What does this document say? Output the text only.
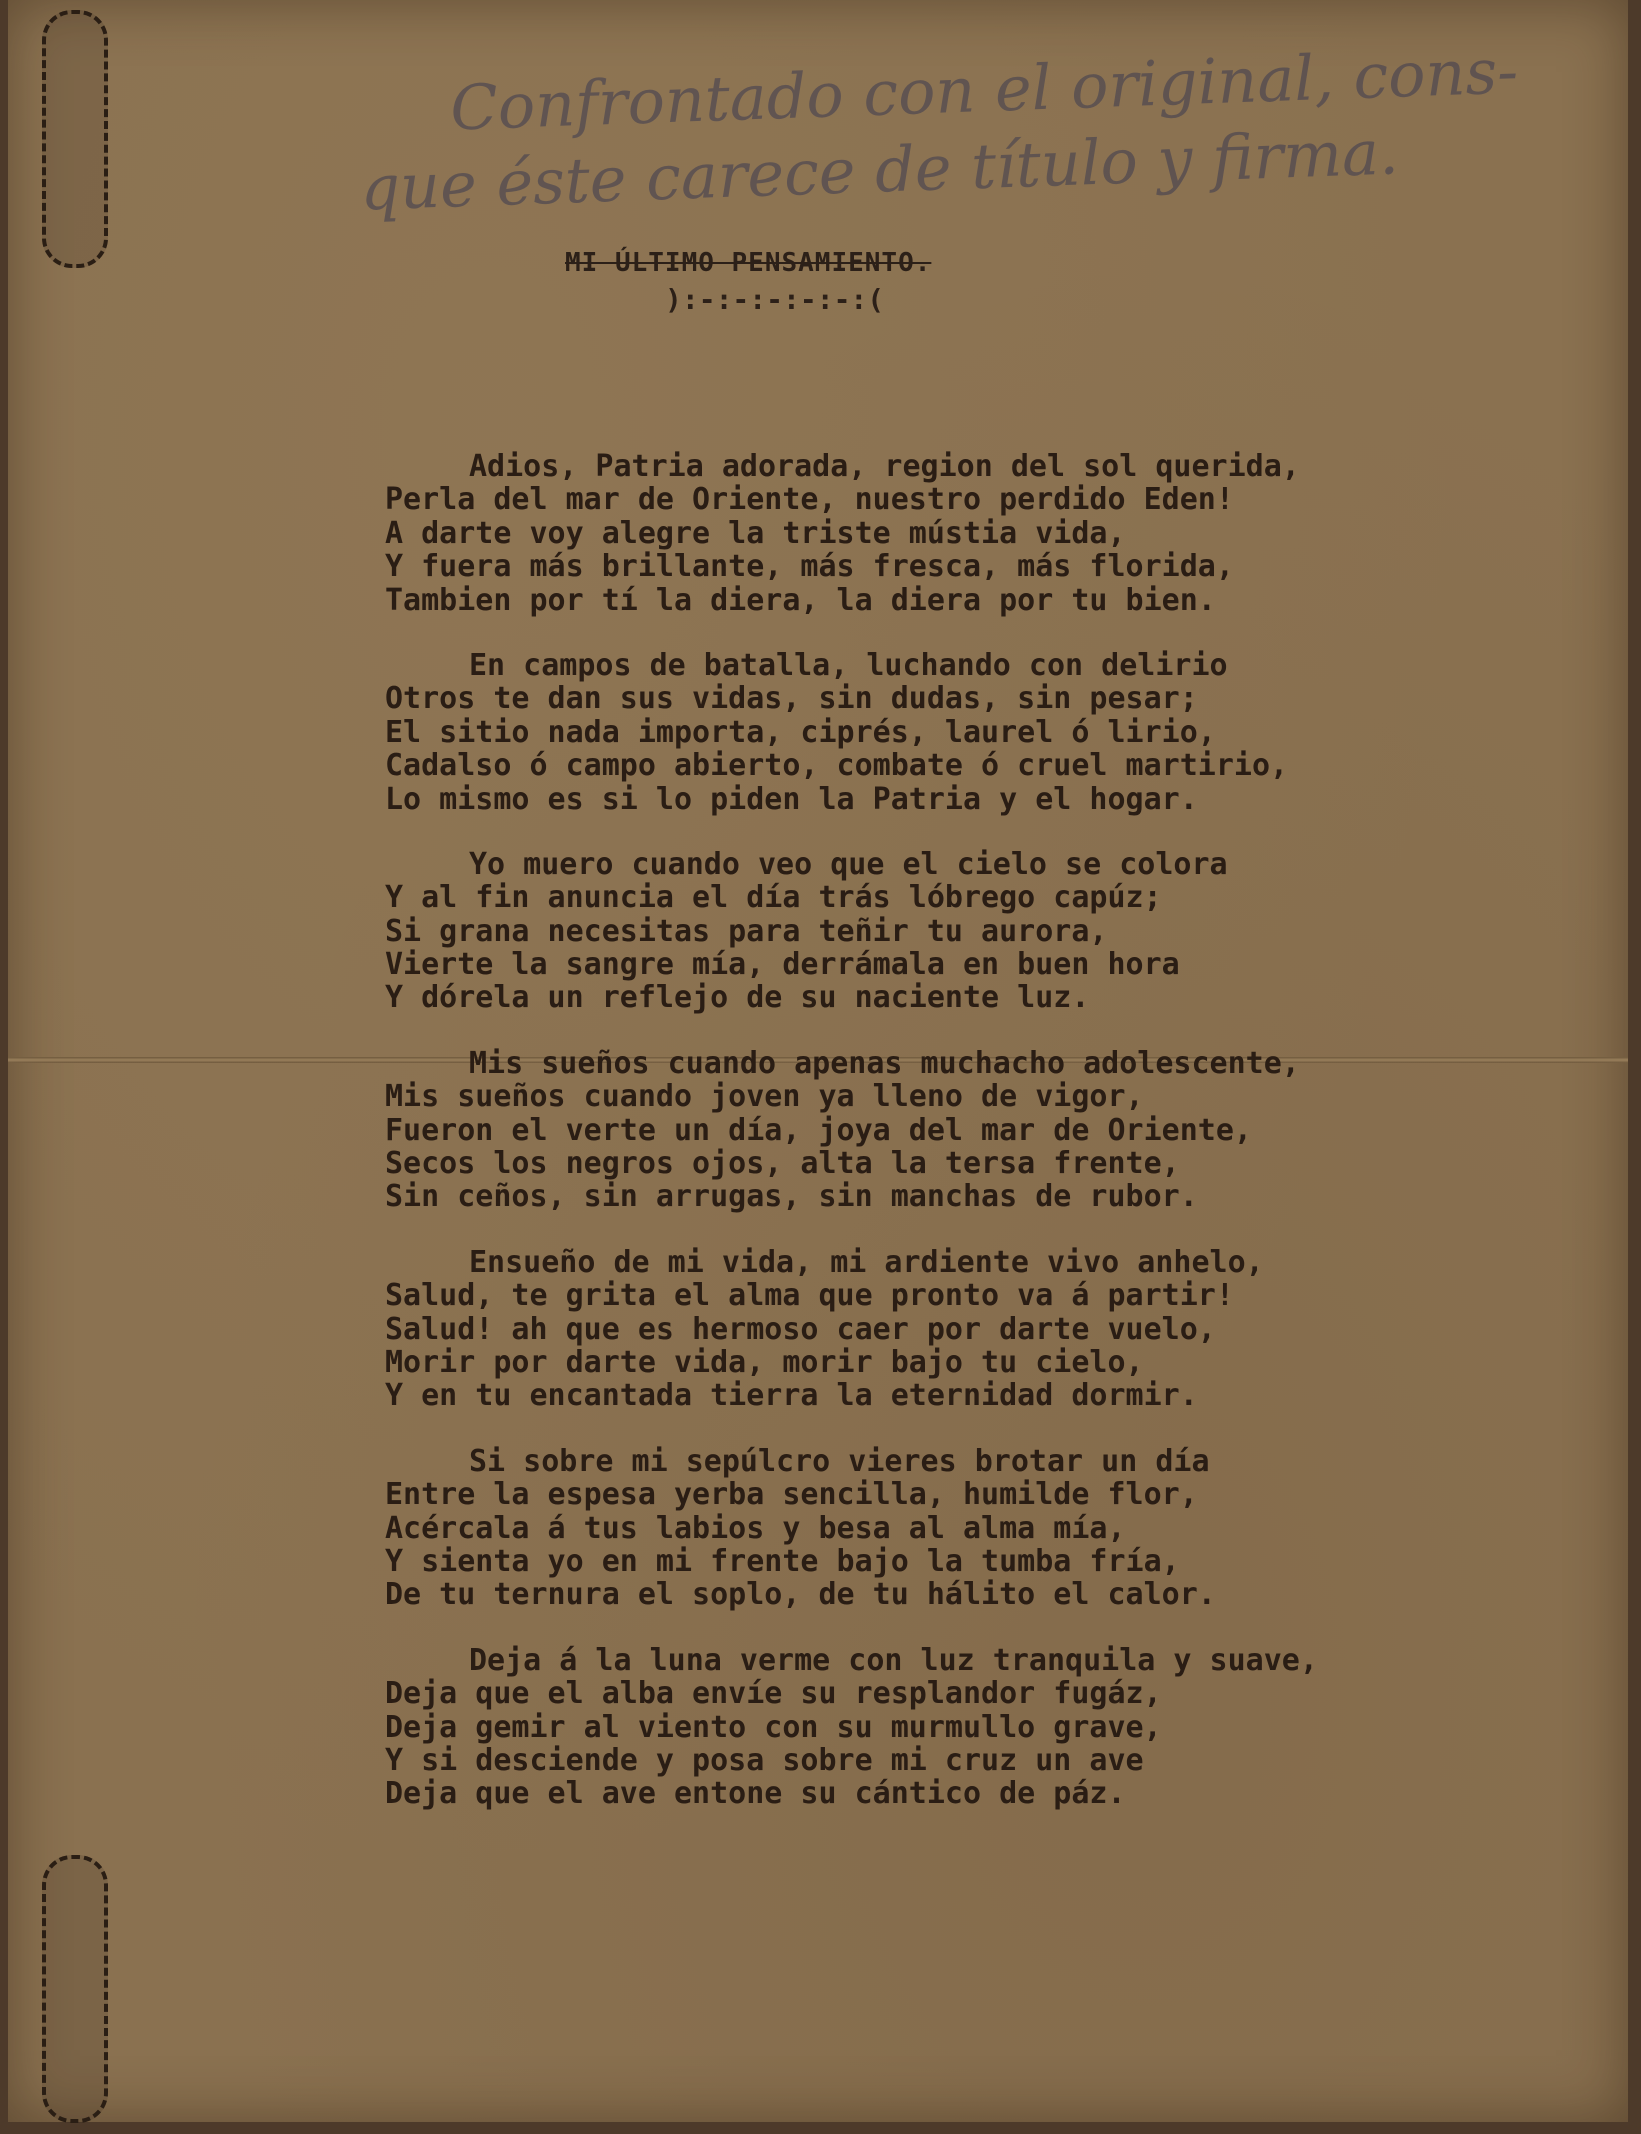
Confrontado con el original, cons-
que éste carece de título y firma.
MI ÚLTIMO PENSAMIENTO.
):-:-:-:-:-:(
Adios, Patria adorada, region del sol querida,
Perla del mar de Oriente, nuestro perdido Eden!
A darte voy alegre la triste mústia vida,
Y fuera más brillante, más fresca, más florida,
Tambien por tí la diera, la diera por tu bien.
En campos de batalla, luchando con delirio
Otros te dan sus vidas, sin dudas, sin pesar;
El sitio nada importa, ciprés, laurel ó lirio,
Cadalso ó campo abierto, combate ó cruel martirio,
Lo mismo es si lo piden la Patria y el hogar.
Yo muero cuando veo que el cielo se colora
Y al fin anuncia el día trás lóbrego capúz;
Si grana necesitas para teñir tu aurora,
Vierte la sangre mía, derrámala en buen hora
Y dórela un reflejo de su naciente luz.
Mis sueños cuando apenas muchacho adolescente,
Mis sueños cuando joven ya lleno de vigor,
Fueron el verte un día, joya del mar de Oriente,
Secos los negros ojos, alta la tersa frente,
Sin ceños, sin arrugas, sin manchas de rubor.
Ensueño de mi vida, mi ardiente vivo anhelo,
Salud, te grita el alma que pronto va á partir!
Salud! ah que es hermoso caer por darte vuelo,
Morir por darte vida, morir bajo tu cielo,
Y en tu encantada tierra la eternidad dormir.
Si sobre mi sepúlcro vieres brotar un día
Entre la espesa yerba sencilla, humilde flor,
Acércala á tus labios y besa al alma mía,
Y sienta yo en mi frente bajo la tumba fría,
De tu ternura el soplo, de tu hálito el calor.
Deja á la luna verme con luz tranquila y suave,
Deja que el alba envíe su resplandor fugáz,
Deja gemir al viento con su murmullo grave,
Y si desciende y posa sobre mi cruz un ave
Deja que el ave entone su cántico de páz.
